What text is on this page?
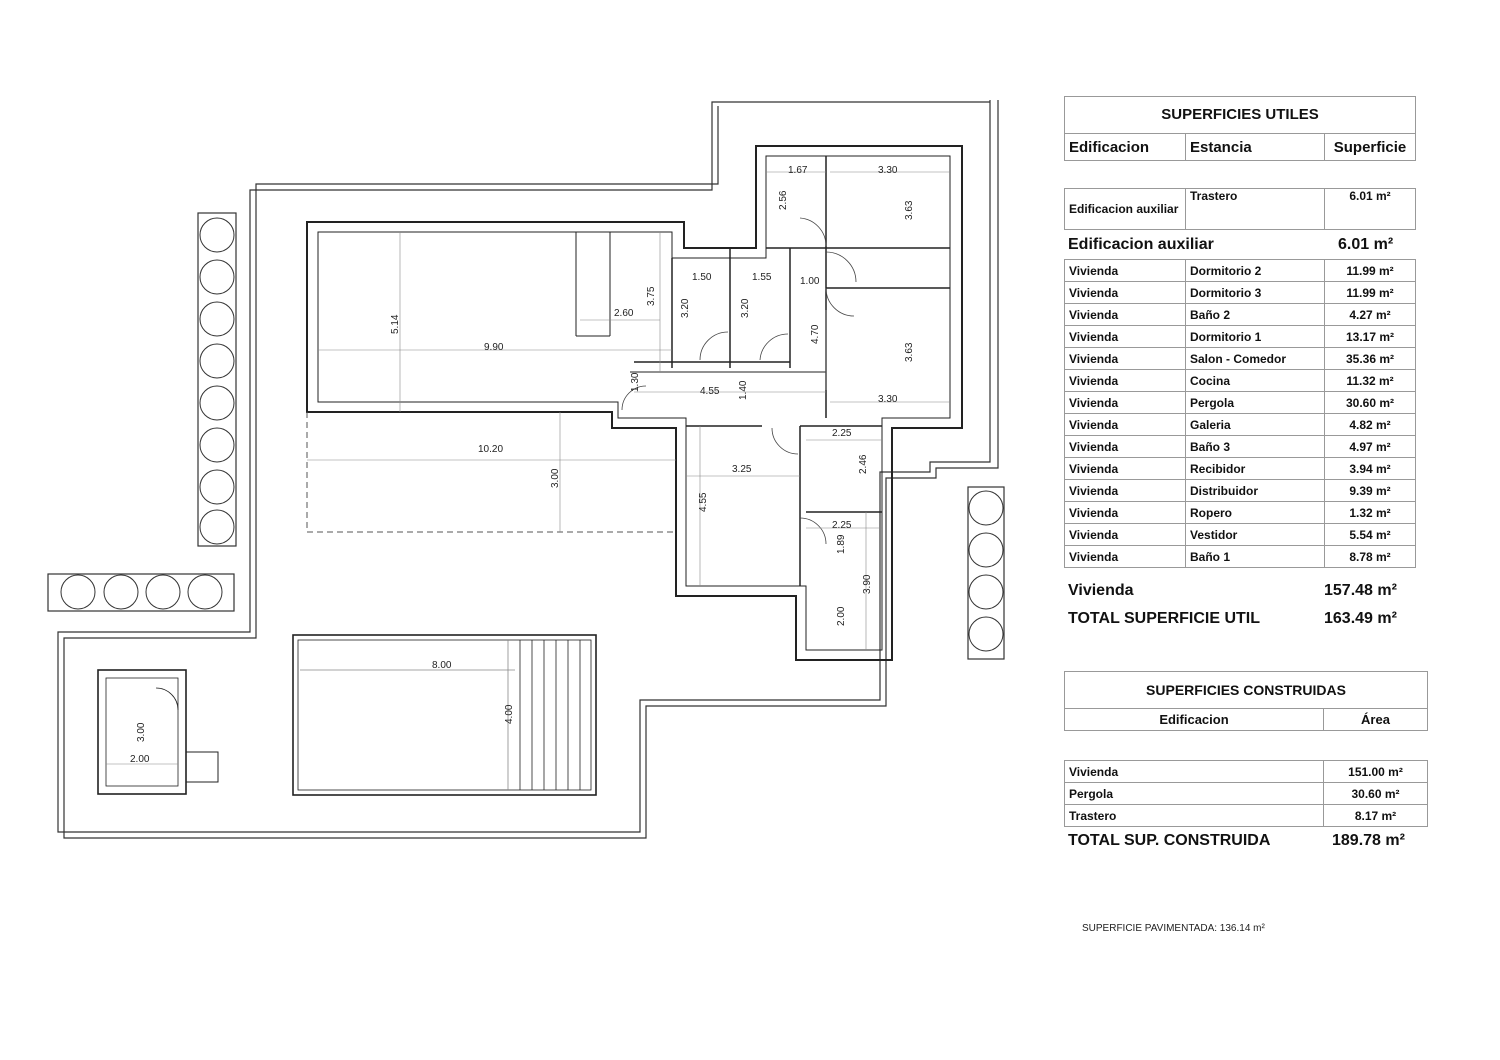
1.67	3.30
2.56
3.63
1.50	1.55	1.00
3.20	3.20
4.70
3.75
2.60
5.14
9.90
1.30	4.55 1.40
3.63
3.30
10.20
3.00
2.25
2.46
3.25
4.55
2.25
1.89
3.90
2.00
8.00
4.00
3.00
2.00
SUPERFICIES UTILES
Edificacion	Estancia	Superficie
Edificacion auxiliar	Trastero	6.01 m²
Edificacion auxiliar	6.01 m²
Vivienda	Dormitorio 2	11.99 m²
Vivienda	Dormitorio 3	11.99 m²
Vivienda	Baño 2	4.27 m²
Vivienda	Dormitorio 1	13.17 m²
Vivienda	Salon - Comedor	35.36 m²
Vivienda	Cocina	11.32 m²
Vivienda	Pergola	30.60 m²
Vivienda	Galeria	4.82 m²
Vivienda	Baño 3	4.97 m²
Vivienda	Recibidor	3.94 m²
Vivienda	Distribuidor	9.39 m²
Vivienda	Ropero	1.32 m²
Vivienda	Vestidor	5.54 m²
Vivienda	Baño 1	8.78 m²
Vivienda	157.48 m²
TOTAL SUPERFICIE UTIL	163.49 m²
SUPERFICIES CONSTRUIDAS
Edificacion	Área
Vivienda	151.00 m²
Pergola	30.60 m²
Trastero	8.17 m²
TOTAL SUP. CONSTRUIDA	189.78 m²
SUPERFICIE PAVIMENTADA: 136.14 m²
